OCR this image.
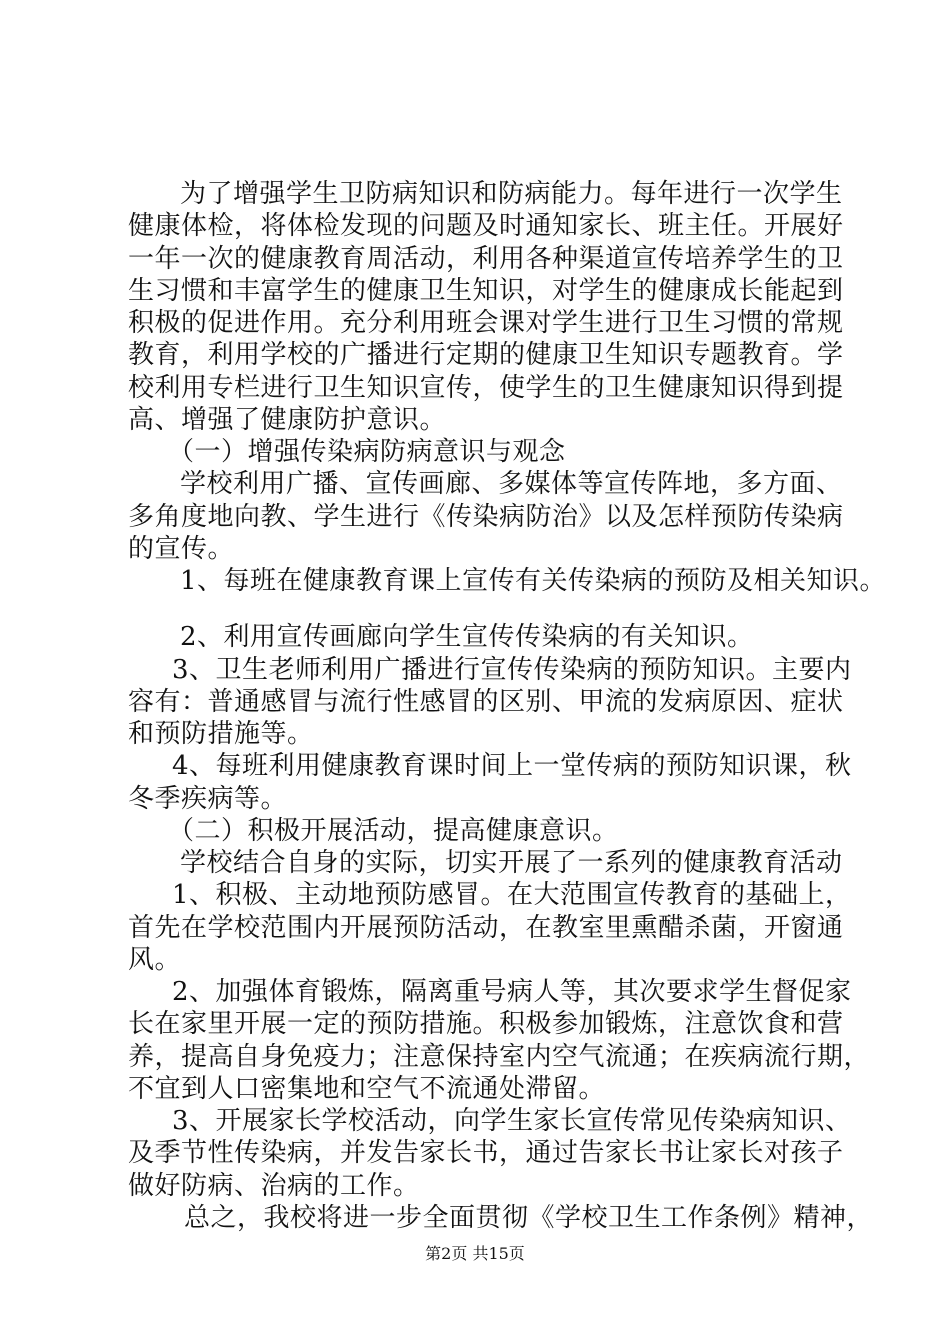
为了增强学生卫防病知识和防病能力。每年进行一次学生
健康体检，将体检发现的问题及时通知家长、班主任。开展好
一年一次的健康教育周活动，利用各种渠道宣传培养学生的卫
生习惯和丰富学生的健康卫生知识，对学生的健康成长能起到
积极的促进作用。充分利用班会课对学生进行卫生习惯的常规
教育，利用学校的广播进行定期的健康卫生知识专题教育。学
校利用专栏进行卫生知识宣传，使学生的卫生健康知识得到提
高、增强了健康防护意识。
（一）增强传染病防病意识与观念
学校利用广播、宣传画廊、多媒体等宣传阵地，多方面、
多角度地向教、学生进行《传染病防治》以及怎样预防传染病
的宣传。
1、每班在健康教育课上宣传有关传染病的预防及相关知识。
2、利用宣传画廊向学生宣传传染病的有关知识。
3、卫生老师利用广播进行宣传传染病的预防知识。主要内
容有：普通感冒与流行性感冒的区别、甲流的发病原因、症状
和预防措施等。
4、每班利用健康教育课时间上一堂传病的预防知识课，秋
冬季疾病等。
（二）积极开展活动，提高健康意识。
学校结合自身的实际，切实开展了一系列的健康教育活动
1、积极、主动地预防感冒。在大范围宣传教育的基础上，
首先在学校范围内开展预防活动，在教室里熏醋杀菌，开窗通
风。
2、加强体育锻炼，隔离重号病人等，其次要求学生督促家
长在家里开展一定的预防措施。积极参加锻炼，注意饮食和营
养，提高自身免疫力；注意保持室内空气流通；在疾病流行期，
不宜到人口密集地和空气不流通处滞留。
3、开展家长学校活动，向学生家长宣传常见传染病知识、
及季节性传染病，并发告家长书，通过告家长书让家长对孩子
做好防病、治病的工作。
总之，我校将进一步全面贯彻《学校卫生工作条例》精神，
第2页 共15页
